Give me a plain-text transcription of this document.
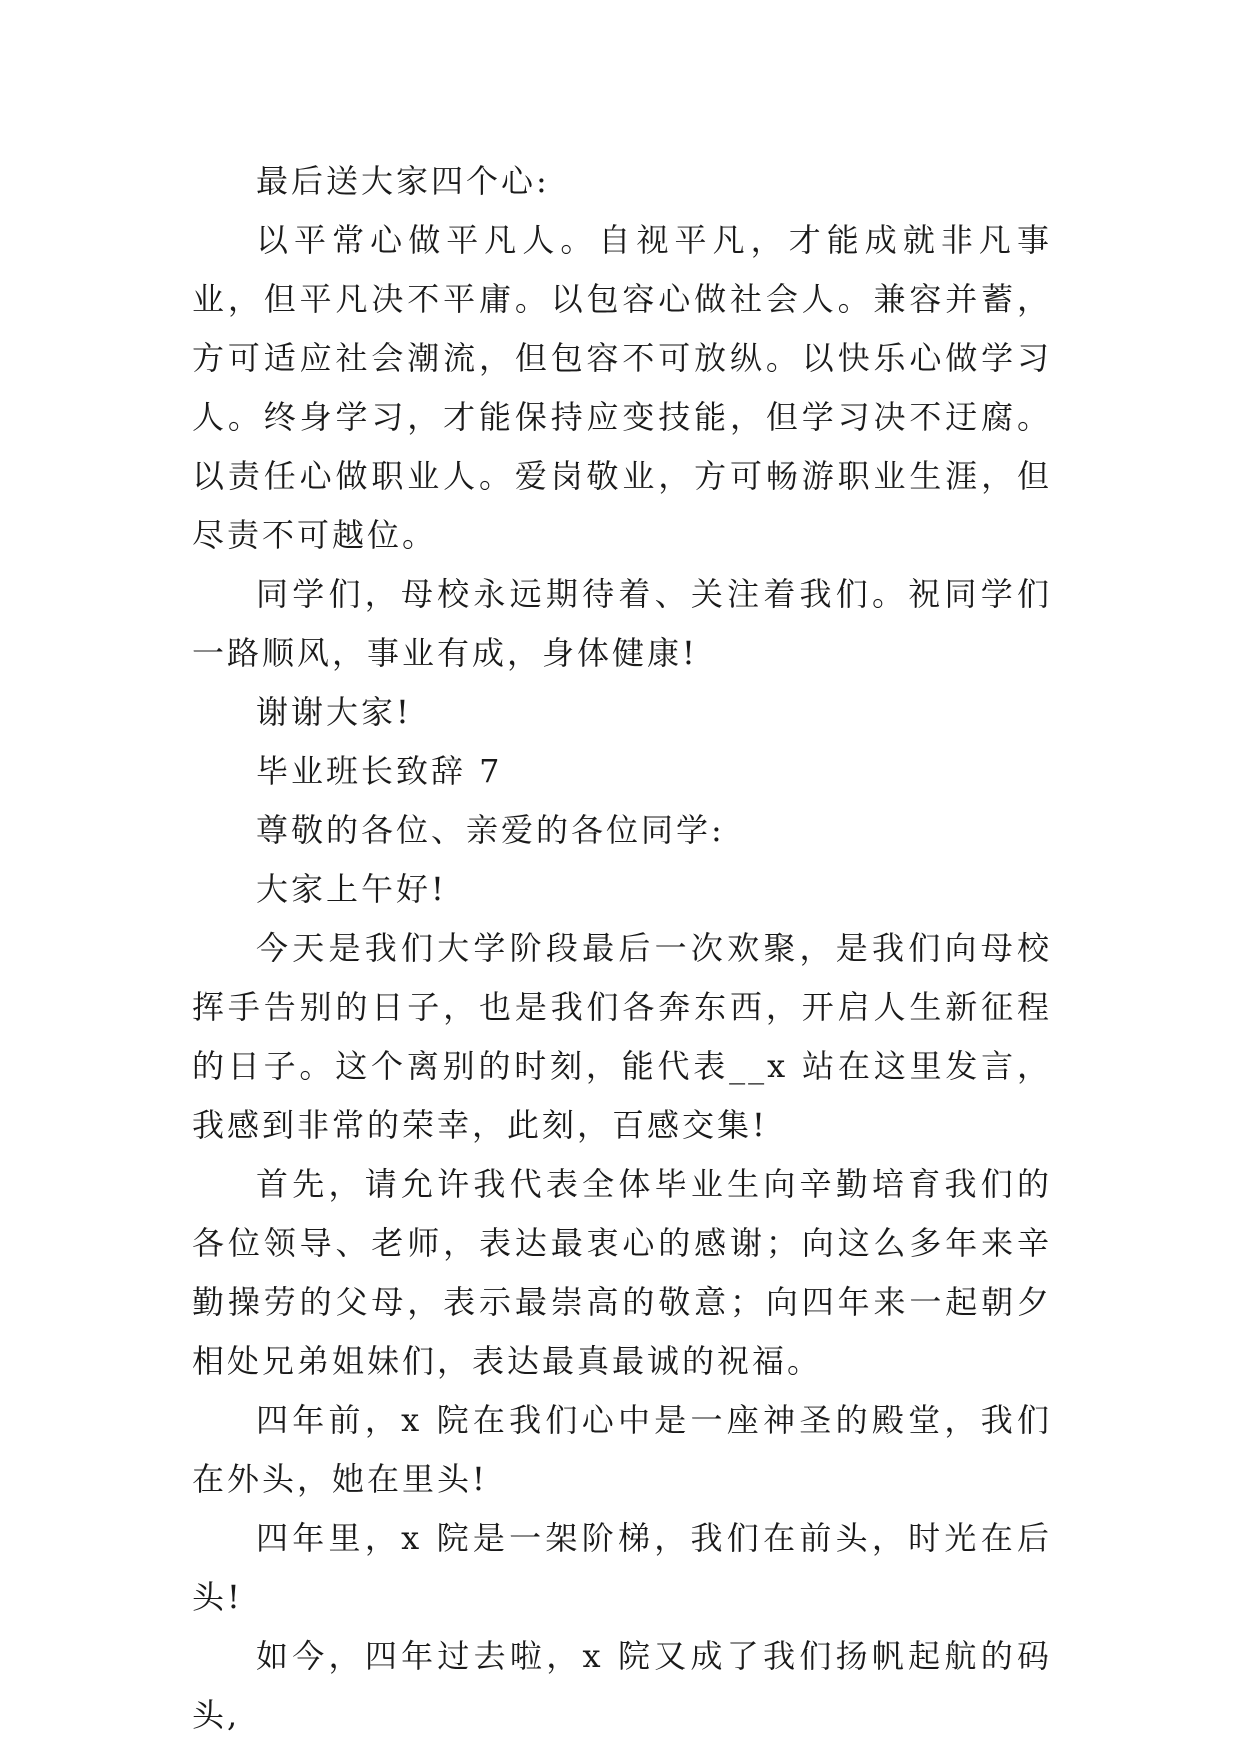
最后送大家四个心:

以平常心做平凡人。自视平凡，才能成就非凡事业，但平凡决不平庸。以包容心做社会人。兼容并蓄，方可适应社会潮流，但包容不可放纵。以快乐心做学习人。终身学习，才能保持应变技能，但学习决不迂腐。以责任心做职业人。爱岗敬业，方可畅游职业生涯，但尽责不可越位。

同学们，母校永远期待着、关注着我们。祝同学们一路顺风，事业有成，身体健康!

谢谢大家!

毕业班长致辞 7

尊敬的各位、亲爱的各位同学:

大家上午好!

今天是我们大学阶段最后一次欢聚，是我们向母校挥手告别的日子，也是我们各奔东西，开启人生新征程的日子。这个离别的时刻，能代表__x 站在这里发言，我感到非常的荣幸，此刻，百感交集!

首先，请允许我代表全体毕业生向辛勤培育我们的各位领导、老师，表达最衷心的感谢；向这么多年来辛勤操劳的父母，表示最崇高的敬意；向四年来一起朝夕相处兄弟姐妹们，表达最真最诚的祝福。

四年前，x 院在我们心中是一座神圣的殿堂，我们在外头，她在里头!

四年里，x 院是一架阶梯，我们在前头，时光在后头!

如今，四年过去啦，x 院又成了我们扬帆起航的码头,
